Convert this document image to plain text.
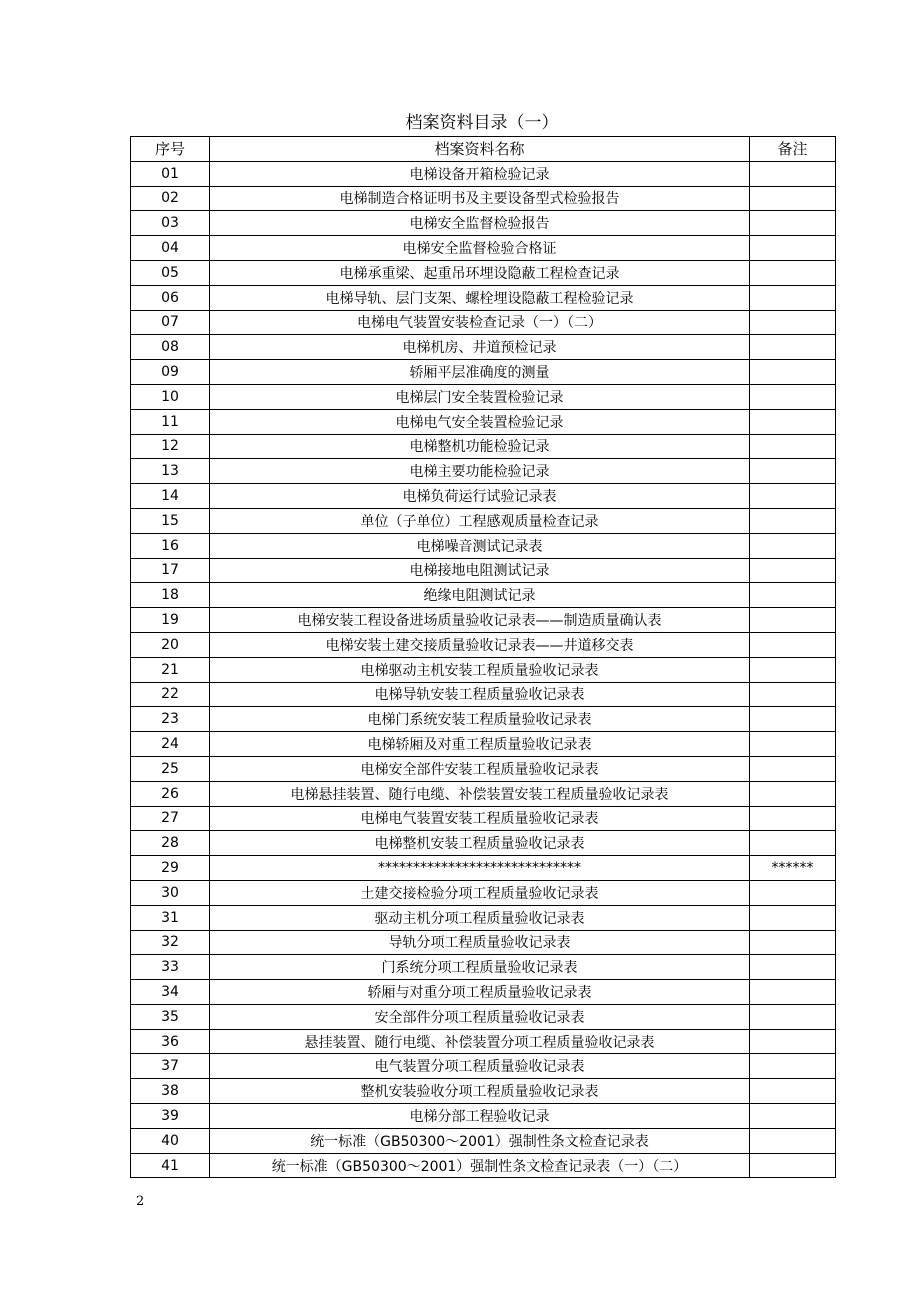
档案资料目录（一）
序号	档案资料名称	备注
01	电梯设备开箱检验记录	
02	电梯制造合格证明书及主要设备型式检验报告	
03	电梯安全监督检验报告	
04	电梯安全监督检验合格证	
05	电梯承重梁、起重吊环埋设隐蔽工程检查记录	
06	电梯导轨、层门支架、螺栓埋设隐蔽工程检验记录	
07	电梯电气装置安装检查记录（一）（二）	
08	电梯机房、井道预检记录	
09	轿厢平层准确度的测量	
10	电梯层门安全装置检验记录	
11	电梯电气安全装置检验记录	
12	电梯整机功能检验记录	
13	电梯主要功能检验记录	
14	电梯负荷运行试验记录表	
15	单位（子单位）工程感观质量检查记录	
16	电梯噪音测试记录表	
17	电梯接地电阻测试记录	
18	绝缘电阻测试记录	
19	电梯安装工程设备进场质量验收记录表——制造质量确认表	
20	电梯安装土建交接质量验收记录表——井道移交表	
21	电梯驱动主机安装工程质量验收记录表	
22	电梯导轨安装工程质量验收记录表	
23	电梯门系统安装工程质量验收记录表	
24	电梯轿厢及对重工程质量验收记录表	
25	电梯安全部件安装工程质量验收记录表	
26	电梯悬挂装置、随行电缆、补偿装置安装工程质量验收记录表	
27	电梯电气装置安装工程质量验收记录表	
28	电梯整机安装工程质量验收记录表	
29	*****************************	******
30	土建交接检验分项工程质量验收记录表	
31	驱动主机分项工程质量验收记录表	
32	导轨分项工程质量验收记录表	
33	门系统分项工程质量验收记录表	
34	轿厢与对重分项工程质量验收记录表	
35	安全部件分项工程质量验收记录表	
36	悬挂装置、随行电缆、补偿装置分项工程质量验收记录表	
37	电气装置分项工程质量验收记录表	
38	整机安装验收分项工程质量验收记录表	
39	电梯分部工程验收记录	
40	统一标准（GB50300～2001）强制性条文检查记录表	
41	统一标准（GB50300～2001）强制性条文检查记录表（一）（二）	
2
